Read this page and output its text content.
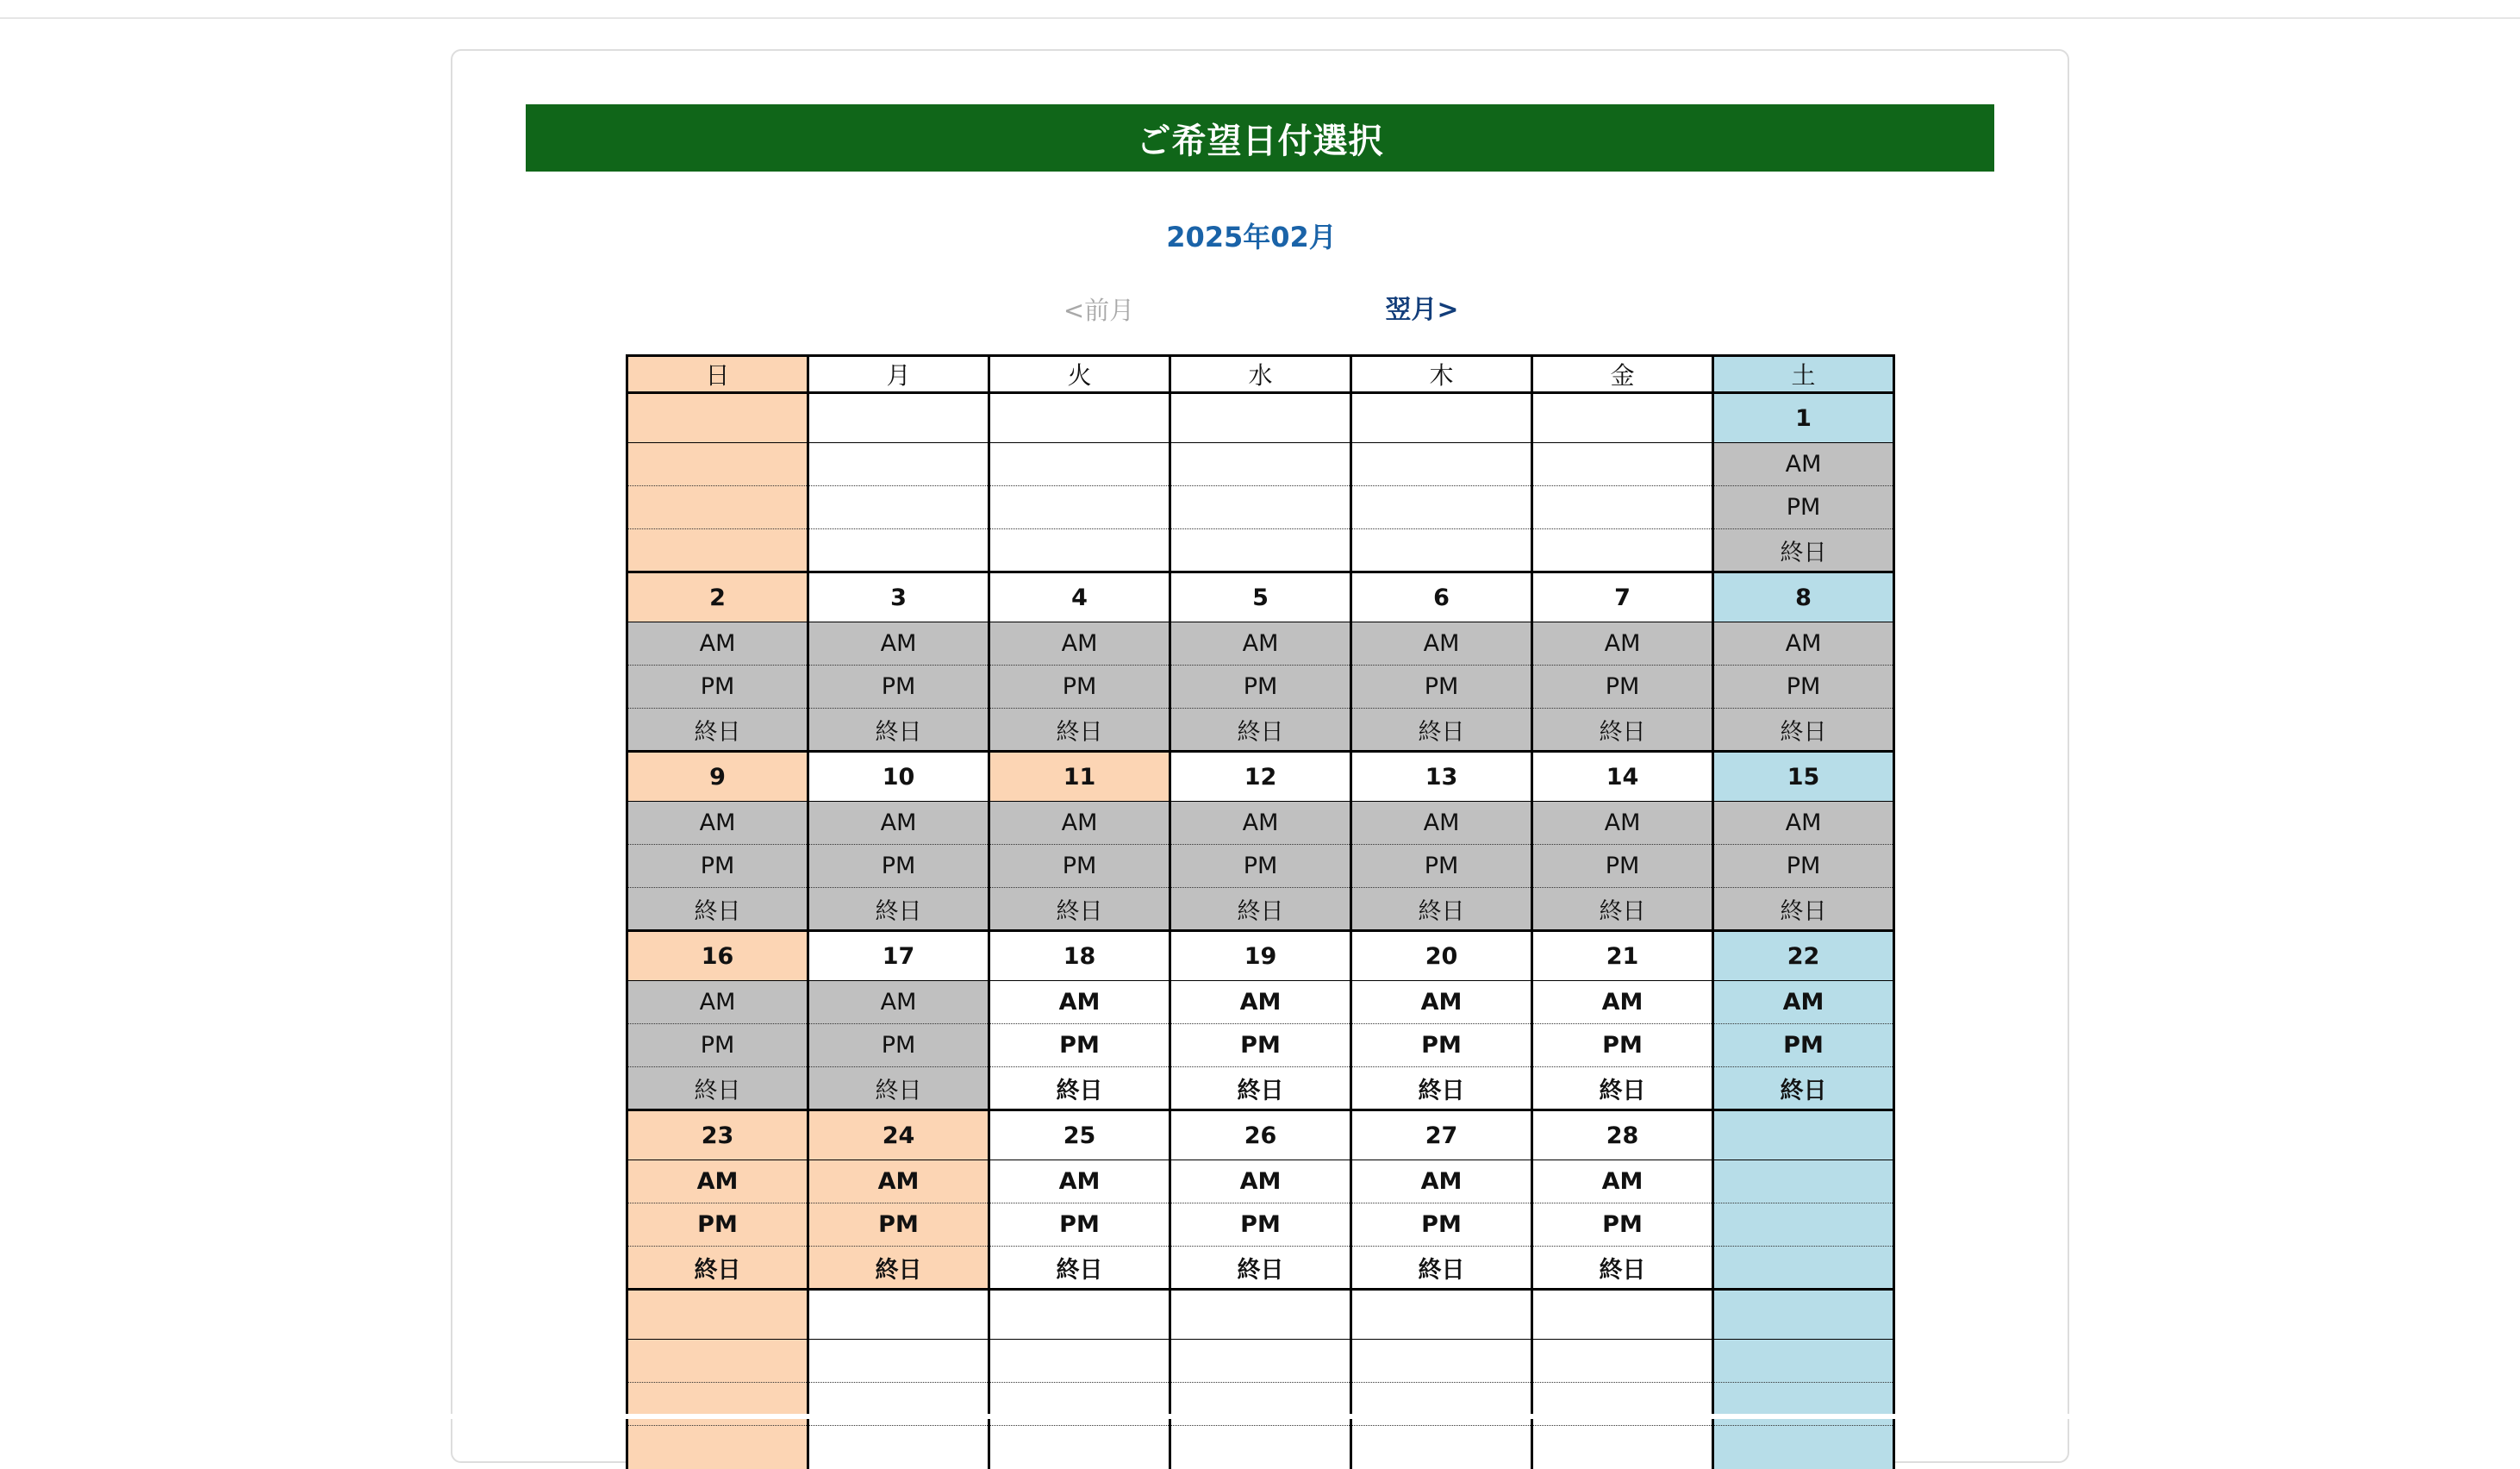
ご希望日付選択
2025年02月
<前月	翌月>
日	月	火	水	木	金	土
						1
						AM
						PM
						終日
2	3	4	5	6	7	8
AM	AM	AM	AM	AM	AM	AM
PM	PM	PM	PM	PM	PM	PM
終日	終日	終日	終日	終日	終日	終日
9	10	11	12	13	14	15
AM	AM	AM	AM	AM	AM	AM
PM	PM	PM	PM	PM	PM	PM
終日	終日	終日	終日	終日	終日	終日
16	17	18	19	20	21	22
AM	AM	AM	AM	AM	AM	AM
PM	PM	PM	PM	PM	PM	PM
終日	終日	終日	終日	終日	終日	終日
23	24	25	26	27	28	
AM	AM	AM	AM	AM	AM	
PM	PM	PM	PM	PM	PM	
終日	終日	終日	終日	終日	終日	
